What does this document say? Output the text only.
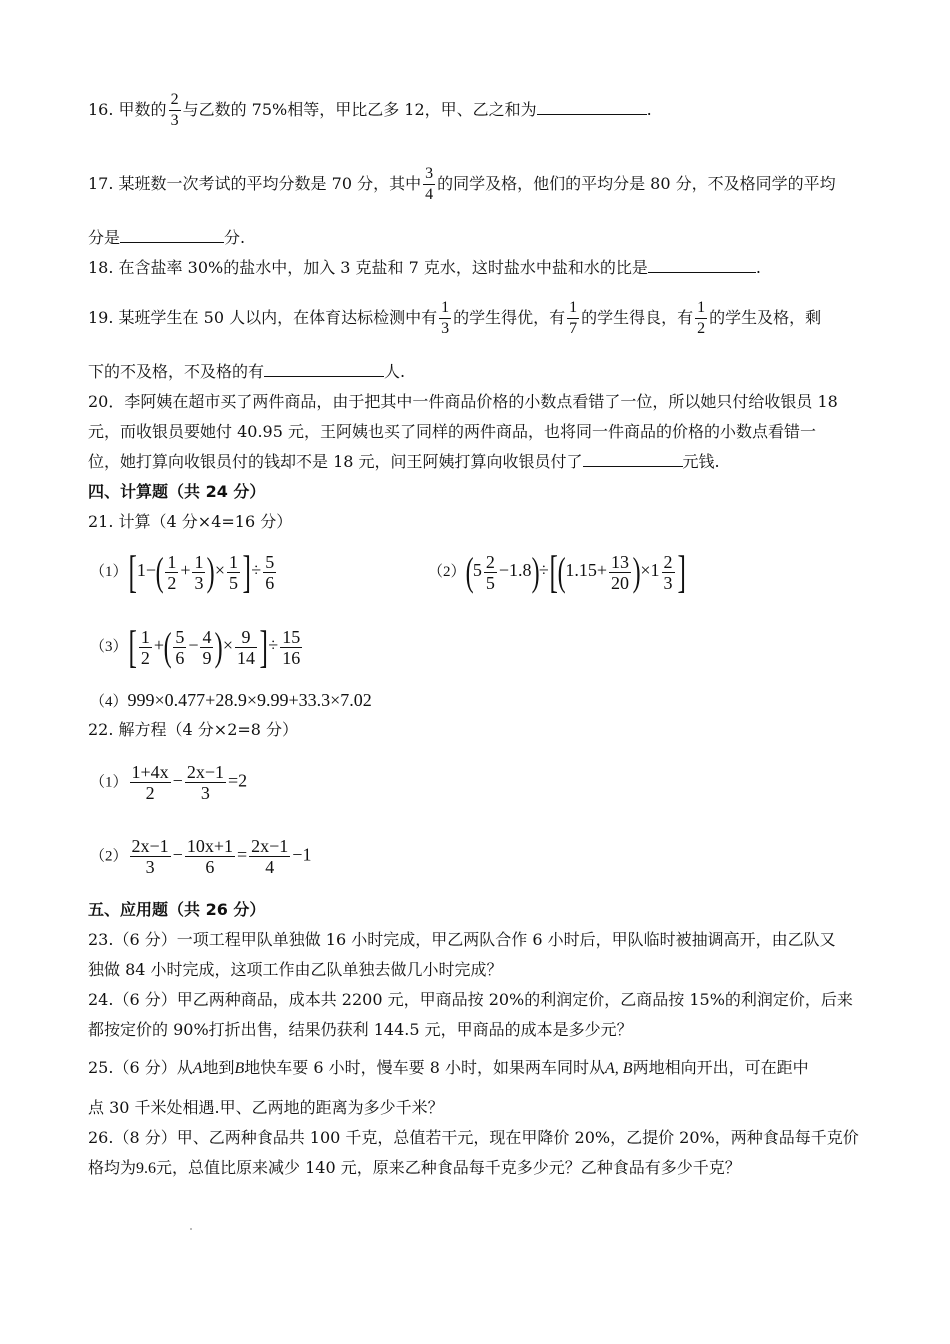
16. 甲数的 $\frac{2}{3}$ 与乙数的 75%相等，甲比乙多 12，甲、乙之和为	.
17. 某班数一次考试的平均分数是 70 分，其中 $\frac{3}{4}$ 的同学及格，他们的平均分是 80 分，不及格同学的平均
分是	分.
18. 在含盐率 30%的盐水中，加入 3 克盐和 7 克水，这时盐水中盐和水的比是	.
19. 某班学生在 50 人以内，在体育达标检测中有 $\frac{1}{3}$ 的学生得优，有 $\frac{1}{7}$ 的学生得良，有 $\frac{1}{2}$ 的学生及格，剩
下的不及格，不及格的有	人.
20．李阿姨在超市买了两件商品，由于把其中一件商品价格的小数点看错了一位，所以她只付给收银员 18
元，而收银员要她付 40.95 元，王阿姨也买了同样的两件商品，也将同一件商品的价格的小数点看错一
位，她打算向收银员付的钱却不是 18 元，问王阿姨打算向收银员付了	元钱.
四、计算题（共 24 分）
21. 计算（4 分×4=16 分）
$(1)[1-( \frac{1}{2} + \frac{1}{3}$ )× $\frac{1}{5}$ ]÷ $\frac{5}{6}$	$(2)(5 \frac{2}{5} -1.8)\div[(1.15+ \frac{13}{20} )\times 1 \frac{2}{3}$ ]
$(3)[ \frac{1}{2}$ +( $\frac{5}{6} - \frac{4}{9}$ )× $\frac{9}{14}$ ]÷ $\frac{15}{16}$
（4）999×0.477+28.9×9.99+33.3×7.02
22. 解方程（4 分×2=8 分）
$(1) \frac{1+4x}{2} - \frac{2x-1}{3} =2$
$(2) \frac{2x-1}{3} - \frac{10x+1}{6} = \frac{2x-1}{4} -1$
五、应用题（共 26 分）
23.（6 分）一项工程甲队单独做 16 小时完成，甲乙两队合作 6 小时后，甲队临时被抽调高开，由乙队又
独做 84 小时完成，这项工作由乙队单独去做几小时完成？
24.（6 分）甲乙两种商品，成本共 2200 元，甲商品按 20%的利润定价，乙商品按 15%的利润定价，后来
都按定价的 90%打折出售，结果仍获利 144.5 元，甲商品的成本是多少元？
25.（6 分）从A地到B地快车要 6 小时，慢车要 8 小时，如果两车同时从A, B两地相向开出，可在距中
点 30 千米处相遇.甲、乙两地的距离为多少千米？
26.（8 分）甲、乙两种食品共 100 千克，总值若干元，现在甲降价 20%，乙提价 20%，两种食品每千克价
格均为9.6元，总值比原来减少 140 元，原来乙种食品每千克多少元？乙种食品有多少千克？
